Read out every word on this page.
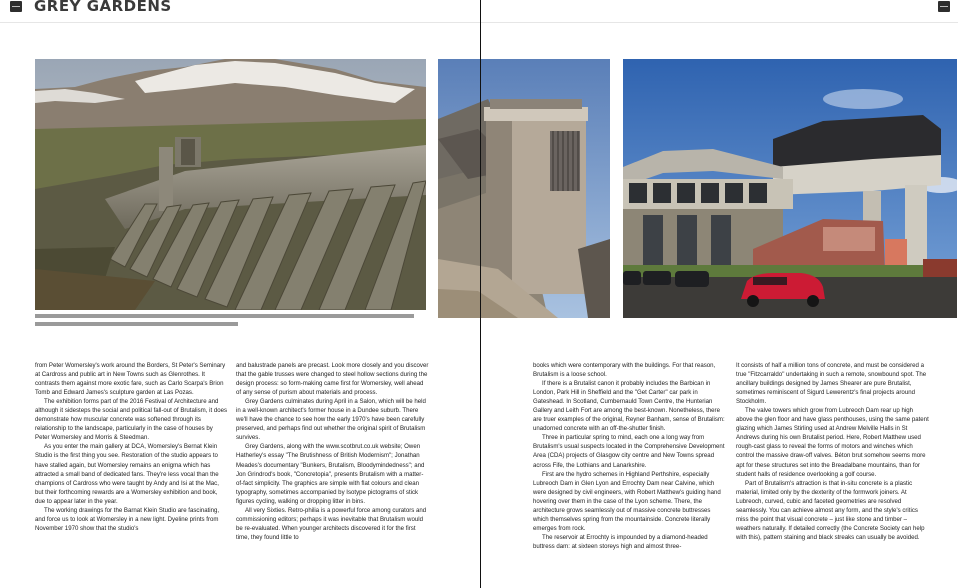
GREY GARDENS

from Peter Womersley's work around the Borders, St Peter's Seminary at Cardross and public art in New Towns such as Glenrothes. It contrasts them against more exotic fare, such as Carlo Scarpa's Brion Tomb and Edward James's sculpture garden at Las Pozas.

The exhibition forms part of the 2016 Festival of Architecture and although it sidesteps the social and political fall-out of Brutalism, it does demonstrate how muscular concrete was softened through its relationship to the landscape, particularly in the case of houses by Peter Womersley and Morris & Steedman.

As you enter the main gallery at DCA, Womersley's Bernat Klein Studio is the first thing you see. Restoration of the studio appears to have stalled again, but Womersley remains an enigma which has attracted a small band of dedicated fans. They're less vocal than the champions of Cardross who were taught by Andy and Isi at the Mac, but their forthcoming rewards are a Womersley exhibition and book, due to appear later in the year.

The working drawings for the Barnat Klein Studio are fascinating, and force us to look at Womersley in a new light. Dyeline prints from November 1970 show that the studio's

and balustrade panels are precast. Look more closely and you discover that the gable trusses were changed to steel hollow sections during the design process: so form-making came first for Womersley, well ahead of any sense of purism about materials and process.

Grey Gardens culminates during April in a Salon, which will be held in a well-known architect's former house in a Dundee suburb. There we'll have the chance to see how the early 1970's have been carefully preserved, and perhaps find out whether the original spirit of Brutalism survives.

Grey Gardens, along with the www.scotbrut.co.uk website; Owen Hatherley's essay "The Brutishness of British Modernism"; Jonathan Meades's documentary "Bunkers, Brutalism, Bloodymindedness"; and Jon Grindrod's book, "Concretopia", presents Brutalism with a matter-of-fact simplicity. The graphics are simple with flat colours and clean typography, sometimes accompanied by Isotype pictograms of stick figures cycling, walking or dropping litter in bins.

All very Sixties. Retro-philia is a powerful force among curators and commissioning editors; perhaps it was inevitable that Brutalism would be re-evaluated. When younger architects discovered it for the first time, they found little to

books which were contemporary with the buildings. For that reason, Brutalism is a loose school.

If there is a Brutalist canon it probably includes the Barbican in London, Park Hill in Sheffield and the "Get Carter" car park in Gateshead. In Scotland, Cumbernauld Town Centre, the Hunterian Gallery and Leith Fort are among the best-known. Nonetheless, there are truer examples of the original, Reyner Banham, sense of Brutalism: unadorned concrete with an off-the-shutter finish.

Three in particular spring to mind, each one a long way from Brutalism's usual suspects located in the Comprehensive Development Area (CDA) projects of Glasgow city centre and New Towns spread across Fife, the Lothians and Lanarkshire.

First are the hydro schemes in Highland Perthshire, especially Lubreoch Dam in Glen Lyon and Errochty Dam near Calvine, which were designed by civil engineers, with Robert Matthew's guiding hand hovering over them in the case of the Lyon scheme. There, the architecture grows seamlessly out of massive concrete buttresses which themselves spring from the mountainside. Concrete literally emerges from rock.

The reservoir at Errochty is impounded by a diamond-headed buttress dam: at sixteen storeys high and almost three-

It consists of half a million tons of concrete, and must be considered a true "Fitzcarraldo" undertaking in such a remote, snowbound spot. The ancillary buildings designed by James Shearer are pure Brutalist, sometimes reminiscent of Sigurd Lewerentz's final projects around Stockholm.

The valve towers which grow from Lubreoch Dam rear up high above the glen floor and have glass penthouses, using the same patent glazing which James Stirling used at Andrew Melville Halls in St Andrews during his own Brutalist period. Here, Robert Matthew used rough-cast glass to reveal the forms of motors and winches which control the massive draw-off valves. Béton brut somehow seems more apt for these structures set into the Breadalbane mountains, than for student halls of residence overlooking a golf course.

Part of Brutalism's attraction is that in-situ concrete is a plastic material, limited only by the dexterity of the formwork joiners. At Lubreoch, curved, cubic and faceted geometries are resolved seamlessly. You can achieve almost any form, and the style's critics miss the point that visual concrete – just like stone and timber – weathers naturally. If detailed correctly (the Concrete Society can help with this), pattern staining and black streaks can usually be avoided.
